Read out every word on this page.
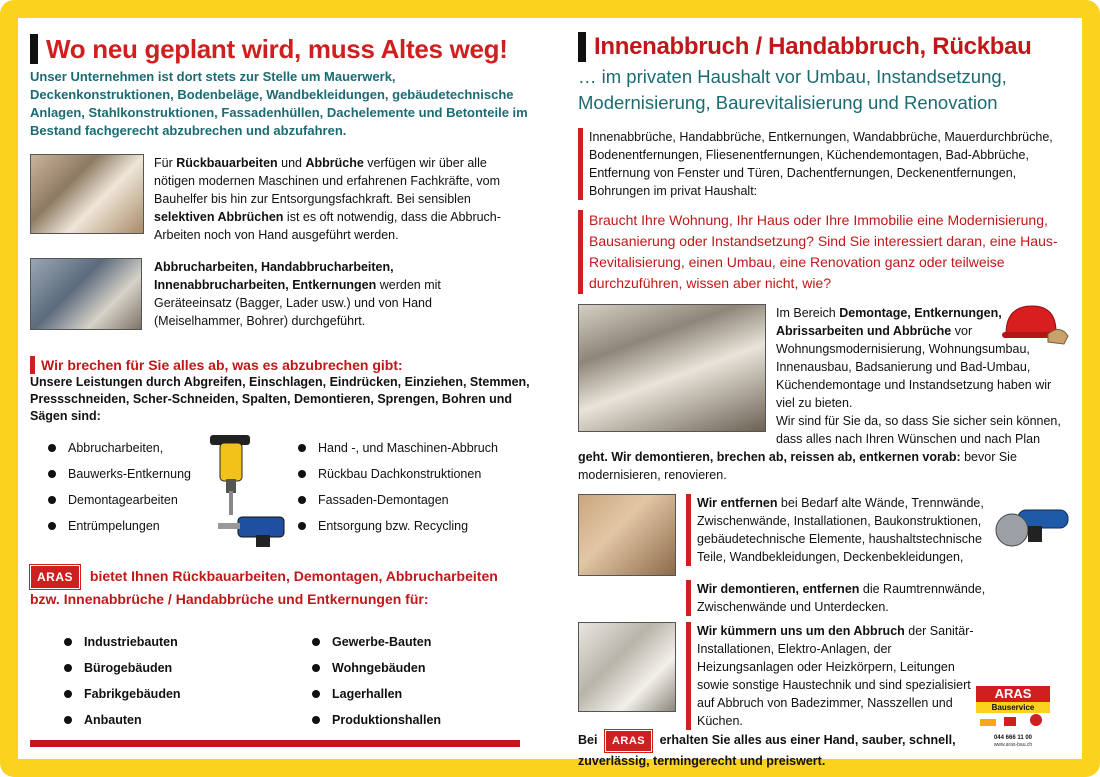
Wo neu geplant wird, muss Altes weg!
Unser Unternehmen ist dort stets zur Stelle um Mauerwerk, Deckenkonstruktionen, Bodenbeläge, Wandbekleidungen, gebäudetechnische Anlagen, Stahlkonstruktionen, Fassadenhüllen, Dachelemente und Betonteile im Bestand fachgerecht abzubrechen und abzufahren.
Für Rückbauarbeiten und Abbrüche verfügen wir über alle nötigen modernen Maschinen und erfahrenen Fachkräfte, vom Bauhelfer bis hin zur Entsorgungsfachkraft. Bei sensiblen selektiven Abbrüchen ist es oft notwendig, dass die Abbruch-Arbeiten noch von Hand ausgeführt werden.
Abbrucharbeiten, Handabbrucharbeiten, Innenabbrucharbeiten, Entkernungen werden mit Geräteeinsatz (Bagger, Lader usw.) und von Hand (Meiselhammer, Bohrer) durchgeführt.
Wir brechen für Sie alles ab, was es abzubrechen gibt:
Unsere Leistungen durch Abgreifen, Einschlagen, Eindrücken, Einziehen, Stemmen, Pressschneiden, Scher-Schneiden, Spalten, Demontieren, Sprengen, Bohren und Sägen sind:
Abbrucharbeiten,
Bauwerks-Entkernung
Demontagearbeiten
Entrümpelungen
Hand -, und Maschinen-Abbruch
Rückbau Dachkonstruktionen
Fassaden-Demontagen
Entsorgung bzw. Recycling
ARAS bietet Ihnen Rückbauarbeiten, Demontagen, Abbrucharbeiten
bzw. Innenabbrüche / Handabbrüche und Entkernungen für:
Industriebauten
Bürogebäuden
Fabrikgebäuden
Anbauten
Gewerbe-Bauten
Wohngebäuden
Lagerhallen
Produktionshallen
Innenabbruch / Handabbruch, Rückbau
… im privaten Haushalt vor Umbau, Instandsetzung, Modernisierung, Baurevitalisierung und Renovation
Innenabbrüche, Handabbrüche, Entkernungen, Wandabbrüche, Mauerdurchbrüche, Bodenentfernungen, Fliesenentfernungen, Küchendemontagen, Bad-Abbrüche, Entfernung von Fenster und Türen, Dachentfernungen, Deckenentfernungen, Bohrungen im privat Haushalt:
Braucht Ihre Wohnung, Ihr Haus oder Ihre Immobilie eine Modernisierung, Bausanierung oder Instandsetzung? Sind Sie interessiert daran, eine Haus-Revitalisierung, einen Umbau, eine Renovation ganz oder teilweise durchzuführen, wissen aber nicht, wie?
Im Bereich Demontage, Entkernungen, Abrissarbeiten und Abbrüche vor Wohnungsmodernisierung, Wohnungsumbau, Innenausbau, Badsanierung und Bad-Umbau, Küchendemontage und Instandsetzung haben wir viel zu bieten.
Wir sind für Sie da, so dass Sie sicher sein können, dass alles nach Ihren Wünschen und nach Plan
geht. Wir demontieren, brechen ab, reissen ab, entkernen vorab: bevor Sie modernisieren, renovieren.
Wir entfernen bei Bedarf alte Wände, Trennwände, Zwischenwände, Installationen, Baukonstruktionen, gebäudetechnische Elemente, haushaltstechnische Teile, Wandbekleidungen, Deckenbekleidungen,
Wir demontieren, entfernen die Raumtrennwände, Zwischenwände und Unterdecken.
Wir kümmern uns um den Abbruch der Sanitär-Installationen, Elektro-Anlagen, der Heizungsanlagen oder Heizkörpern, Leitungen sowie sonstige Haustechnik und sind spezialisiert auf Abbruch von Badezimmer, Nasszellen und Küchen.
Bei ARAS erhalten Sie alles aus einer Hand, sauber, schnell, zuverlässig, termingerecht und preiswert.
ARAS
Bauservice
044 666 11 00
www.aras-bau.ch
